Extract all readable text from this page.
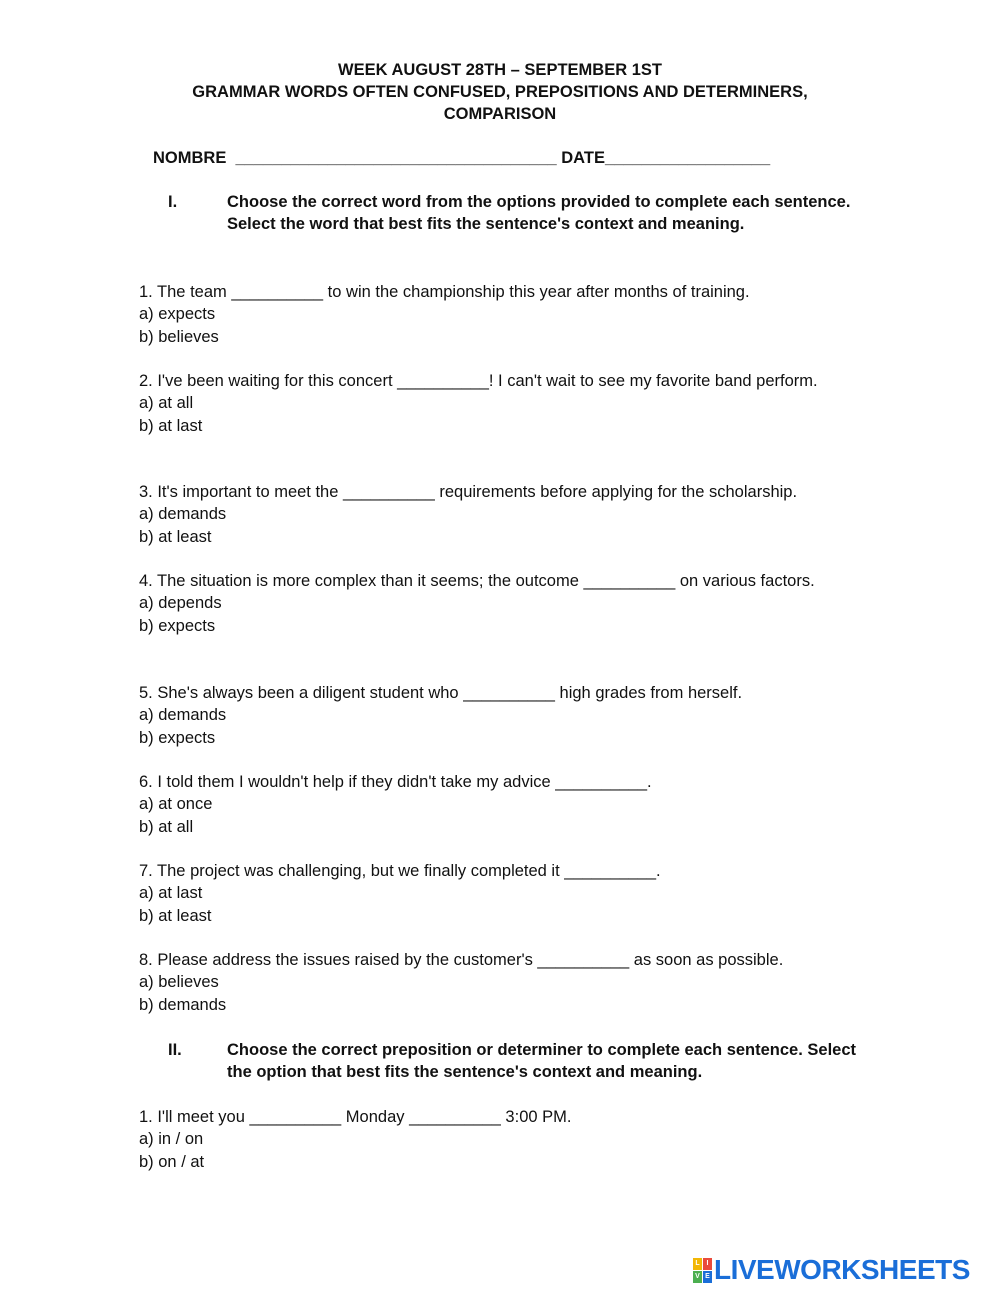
WEEK AUGUST 28TH – SEPTEMBER 1ST
GRAMMAR WORDS OFTEN CONFUSED, PREPOSITIONS AND DETERMINERS,
COMPARISON
NOMBRE  ___________________________________ DATE__________________
I.	Choose the correct word from the options provided to complete each sentence. Select the word that best fits the sentence's context and meaning.
1. The team __________ to win the championship this year after months of training.
a) expects
b) believes
2. I've been waiting for this concert __________! I can't wait to see my favorite band perform.
a) at all
b) at last
3. It's important to meet the __________ requirements before applying for the scholarship.
a) demands
b) at least
4. The situation is more complex than it seems; the outcome __________ on various factors.
a) depends
b) expects
5. She's always been a diligent student who __________ high grades from herself.
a) demands
b) expects
6. I told them I wouldn't help if they didn't take my advice __________.
a) at once
b) at all
7. The project was challenging, but we finally completed it __________.
a) at last
b) at least
8. Please address the issues raised by the customer's __________ as soon as possible.
a) believes
b) demands
II.	Choose the correct preposition or determiner to complete each sentence. Select the option that best fits the sentence's context and meaning.
1. I'll meet you __________ Monday __________ 3:00 PM.
a) in / on
b) on / at
L I
V E LIVEWORKSHEETS
